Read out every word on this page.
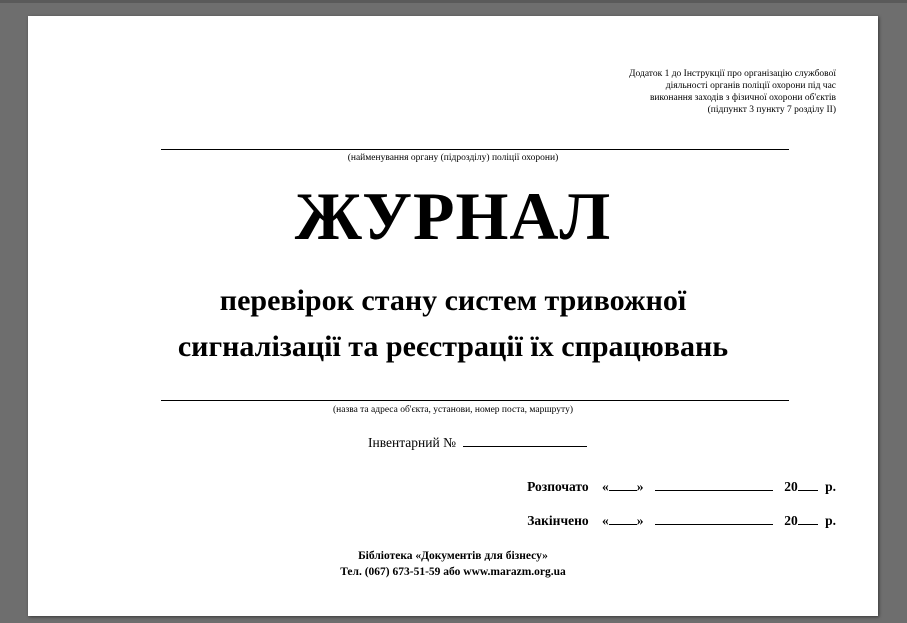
Додаток 1 до Інструкції про організацію службової
діяльності органів поліції охорони під час
виконання заходів з фізичної охорони об'єктів
(підпункт 3 пункту 7 розділу ІІ)
(найменування органу (підрозділу) поліції охорони)
ЖУРНАЛ
перевірок стану систем тривожної
сигналізації та реєстрації їх спрацювань
(назва та адреса об'єкта, установи, номер поста, маршруту)
Інвентарний №
Розпочато « »	20 р.
Закінчено « »	20 р.
Бібліотека «Документів для бізнесу»
Тел. (067) 673-51-59 або www.marazm.org.ua
